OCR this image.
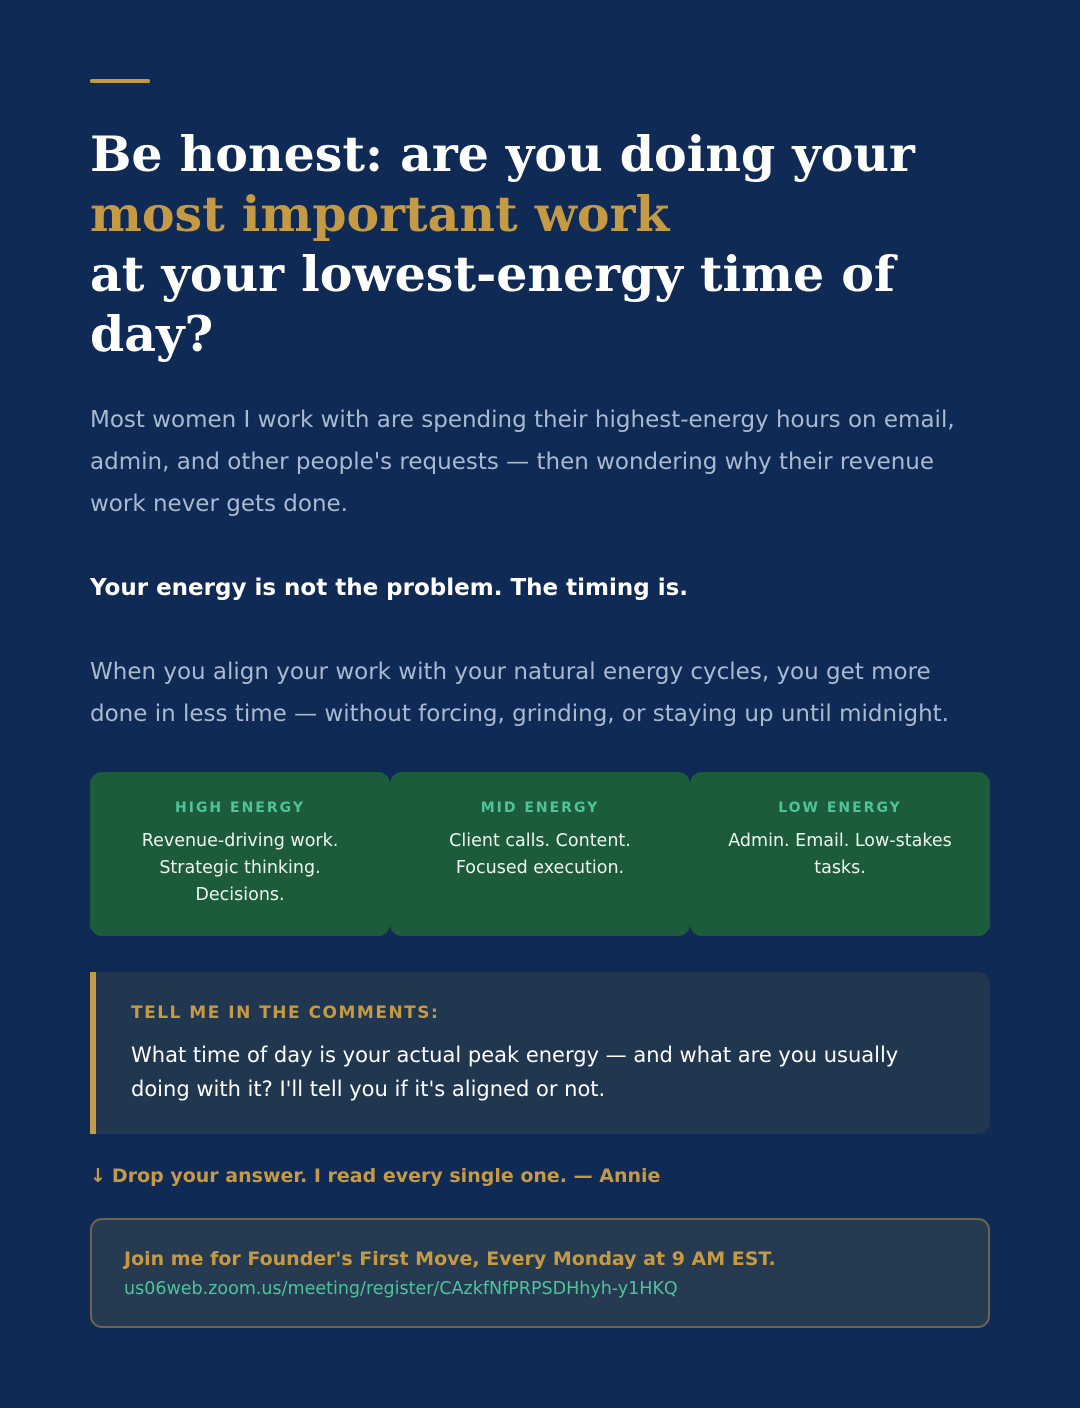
Be honest: are you doing your
most important work
at your lowest-energy time of
day?

Most women I work with are spending their highest-energy hours on email, admin, and other people's requests — then wondering why their revenue work never gets done.

Your energy is not the problem. The timing is.

When you align your work with your natural energy cycles, you get more done in less time — without forcing, grinding, or staying up until midnight.

HIGH ENERGY
Revenue-driving work. Strategic thinking. Decisions.
MID ENERGY
Client calls. Content. Focused execution.
LOW ENERGY
Admin. Email. Low-stakes tasks.
TELL ME IN THE COMMENTS:
What time of day is your actual peak energy — and what are you usually doing with it? I'll tell you if it's aligned or not.
↓ Drop your answer. I read every single one. — Annie
Join me for Founder's First Move, Every Monday at 9 AM EST.
us06web.zoom.us/meeting/register/CAzkfNfPRPSDHhyh-y1HKQ
